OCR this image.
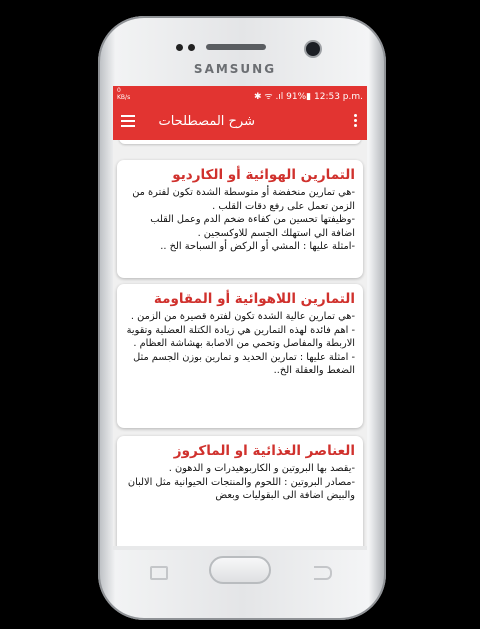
SAMSUNG
0
KB/s	✱ ᯤ .ıl 91%▮ 12:53 p.m.
شرح المصطلحات
التمارين الهوائية أو الكارديو

-هي تمارين منخفضة أو متوسطة الشدة تكون لفترة من الزمن تعمل على رفع دقات القلب .
-وظيفتها تحسين من كفاءة ضخم الدم وعمل القلب اضافة الي استهلك الجسم للاوكسجين .
-امثلة عليها : المشي أو الركض أو السباحة الخ ..

التمارين اللاهوائية أو المقاومة

-هي تمارين عالية الشدة تكون لفترة قصيرة من الزمن .
- اهم فائدة لهذه التمارين هي زيادة الكتلة العضلية وتقوية الاربطة والمفاصل وتحمي من الاصابة بهشاشة العظام .
- امثلة عليها : تمارين الحديد و تمارين بوزن الجسم مثل الضغط والعقلة الخ..

العناصر الغذائية او الماكروز

-يقصد بها البروتين و الكاربوهيدرات و الدهون .
-مصادر البروتين : اللحوم والمنتجات الحيوانية مثل الالبان والبيض اضافة الى البقوليات وبعض
